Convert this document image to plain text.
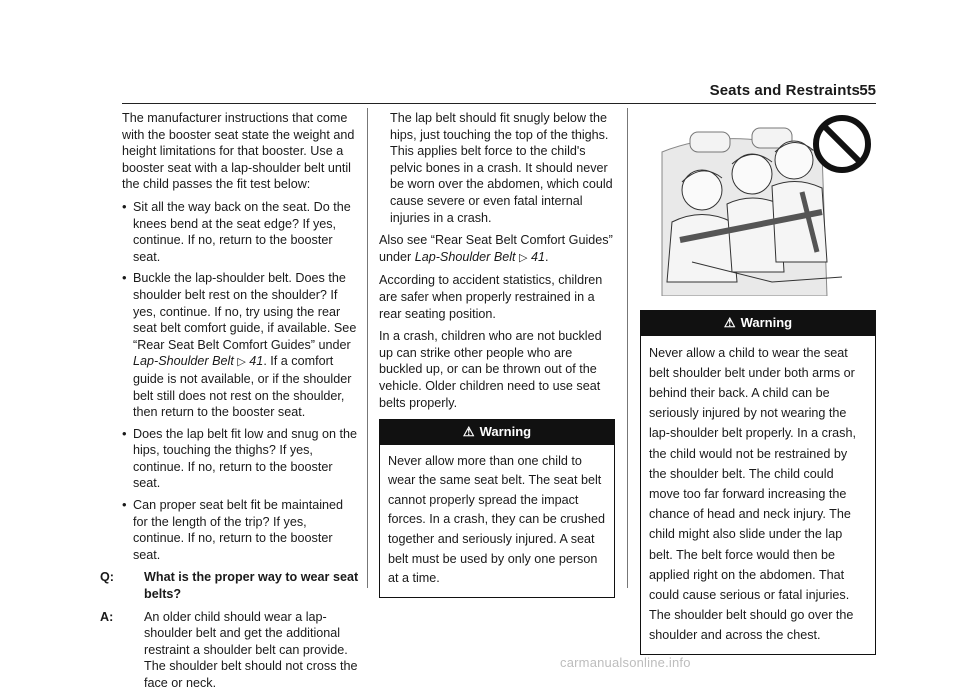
Seats and Restraints 55

The manufacturer instructions that come with the booster seat state the weight and height limitations for that booster. Use a booster seat with a lap-shoulder belt until the child passes the fit test below:

• Sit all the way back on the seat. Do the knees bend at the seat edge? If yes, continue. If no, return to the booster seat.
• Buckle the lap-shoulder belt. Does the shoulder belt rest on the shoulder? If yes, continue. If no, try using the rear seat belt comfort guide, if available. See “Rear Seat Belt Comfort Guides” under Lap-Shoulder Belt ▷ 41. If a comfort guide is not available, or if the shoulder belt still does not rest on the shoulder, then return to the booster seat.
• Does the lap belt fit low and snug on the hips, touching the thighs? If yes, continue. If no, return to the booster seat.
• Can proper seat belt fit be maintained for the length of the trip? If yes, continue. If no, return to the booster seat.
Q: What is the proper way to wear seat belts?
A: An older child should wear a lap-shoulder belt and get the additional restraint a shoulder belt can provide. The shoulder belt should not cross the face or neck.

The lap belt should fit snugly below the hips, just touching the top of the thighs. This applies belt force to the child's pelvic bones in a crash. It should never be worn over the abdomen, which could cause severe or even fatal internal injuries in a crash.

Also see “Rear Seat Belt Comfort Guides” under Lap-Shoulder Belt ▷ 41.

According to accident statistics, children are safer when properly restrained in a rear seating position.

In a crash, children who are not buckled up can strike other people who are buckled up, or can be thrown out of the vehicle. Older children need to use seat belts properly.

⚠ Warning
Never allow more than one child to wear the same seat belt. The seat belt cannot properly spread the impact forces. In a crash, they can be crushed together and seriously injured. A seat belt must be used by only one person at a time.
⚠ Warning
Never allow a child to wear the seat belt shoulder belt under both arms or behind their back. A child can be seriously injured by not wearing the lap-shoulder belt properly. In a crash, the child would not be restrained by the shoulder belt. The child could move too far forward increasing the chance of head and neck injury. The child might also slide under the lap belt. The belt force would then be applied right on the abdomen. That could cause serious or fatal injuries. The shoulder belt should go over the shoulder and across the chest.
carmanualsonline.info
